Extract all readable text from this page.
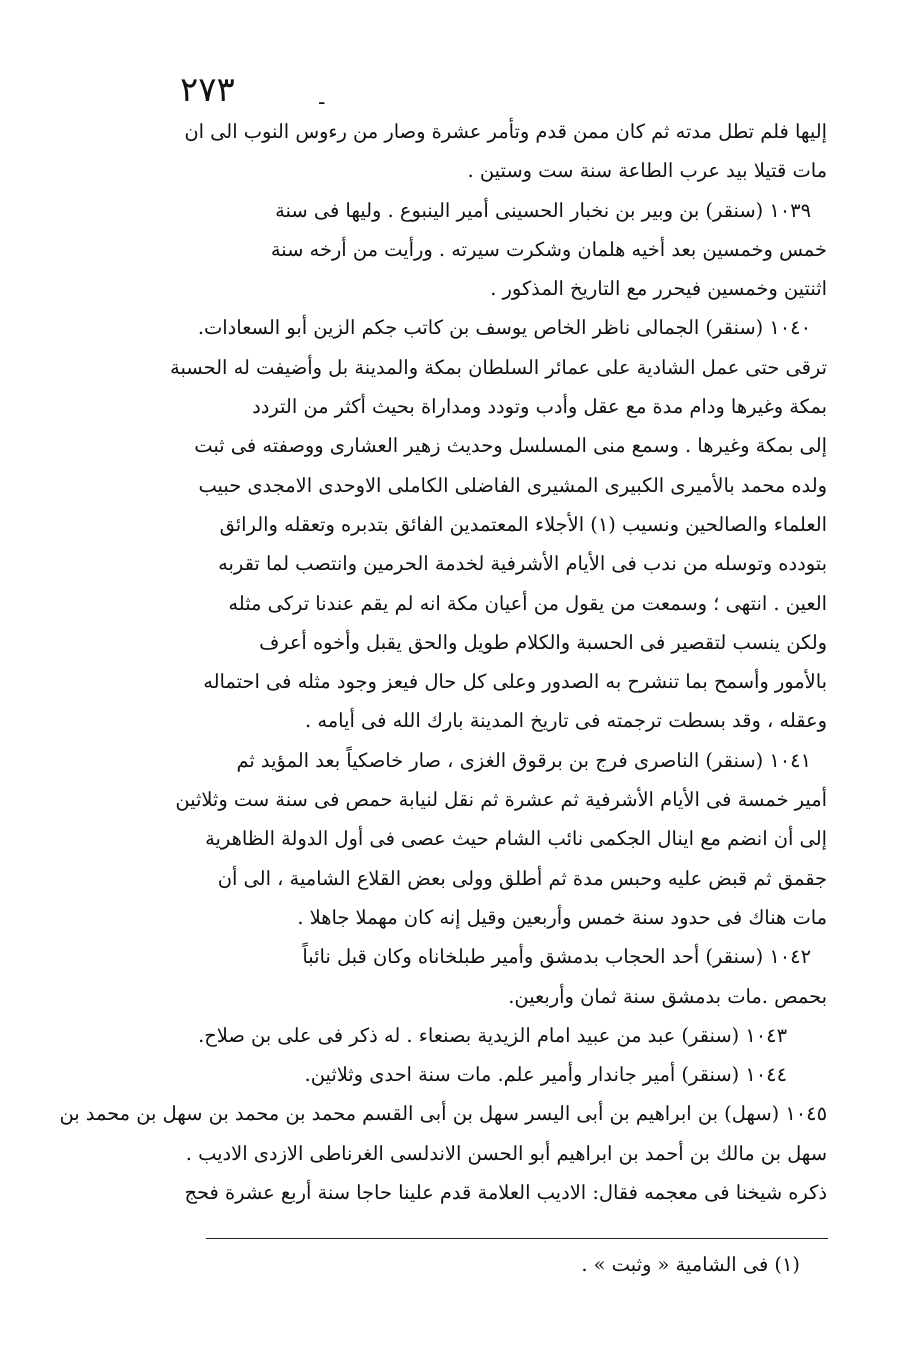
-
٢٧٣
إليها فلم تطل مدته ثم كان ممن قدم وتأمر عشرة وصار من رءوس النوب الى ان
مات قتيلا بيد عرب الطاعة سنة ست وستين .
١٠٣٩ (سنقر) بن وبير بن نخبار الحسينى أمير الينبوع . وليها فى سنة
خمس وخمسين بعد أخيه هلمان وشكرت سيرته . ورأيت من أرخه سنة
اثنتين وخمسين فيحرر مع التاريخ المذكور .
١٠٤٠ (سنقر) الجمالى ناظر الخاص يوسف بن كاتب جكم الزين أبو السعادات.
ترقى حتى عمل الشادية على عمائر السلطان بمكة والمدينة بل وأضيفت له الحسبة
بمكة وغيرها ودام مدة مع عقل وأدب وتودد ومداراة بحيث أكثر من التردد
إلى بمكة وغيرها . وسمع منى المسلسل وحديث زهير العشارى ووصفته فى ثبت
ولده محمد بالأميرى الكبيرى المشيرى الفاضلى الكاملى الاوحدى الامجدى حبيب
العلماء والصالحين ونسيب (١) الأجلاء المعتمدين الفائق بتدبره وتعقله والرائق
بتودده وتوسله من ندب فى الأيام الأشرفية لخدمة الحرمين وانتصب لما تقربه
العين . انتهى ؛ وسمعت من يقول من أعيان مكة انه لم يقم عندنا تركى مثله
ولكن ينسب لتقصير فى الحسبة والكلام طويل والحق يقبل وأخوه أعرف
بالأمور وأسمح بما تنشرح به الصدور وعلى كل حال فيعز وجود مثله فى احتماله
وعقله ، وقد بسطت ترجمته فى تاريخ المدينة بارك الله فى أيامه .
١٠٤١ (سنقر) الناصرى فرج بن برقوق الغزى ، صار خاصكياً بعد المؤيد ثم
أمير خمسة فى الأيام الأشرفية ثم عشرة ثم نقل لنيابة حمص فى سنة ست وثلاثين
إلى أن انضم مع اينال الجكمى نائب الشام حيث عصى فى أول الدولة الظاهرية
جقمق ثم قبض عليه وحبس مدة ثم أطلق وولى بعض القلاع الشامية ، الى أن
مات هناك فى حدود سنة خمس وأربعين وقيل إنه كان مهملا جاهلا .
١٠٤٢ (سنقر) أحد الحجاب بدمشق وأمير طبلخاناه وكان قبل نائباً
بحمص .مات بدمشق سنة ثمان وأربعين.
١٠٤٣ (سنقر) عبد من عبيد امام الزيدية بصنعاء . له ذكر فى على بن صلاح.
١٠٤٤ (سنقر) أمير جاندار وأمير علم. مات سنة احدى وثلاثين.
١٠٤٥ (سهل) بن ابراهيم بن أبى اليسر سهل بن أبى القسم محمد بن محمد بن سهل بن محمد بن
سهل بن مالك بن أحمد بن ابراهيم أبو الحسن الاندلسى الغرناطى الازدى الاديب .
ذكره شيخنا فى معجمه فقال: الاديب العلامة قدم علينا حاجا سنة أربع عشرة فحج
(١) فى الشامية « وثبت » .
